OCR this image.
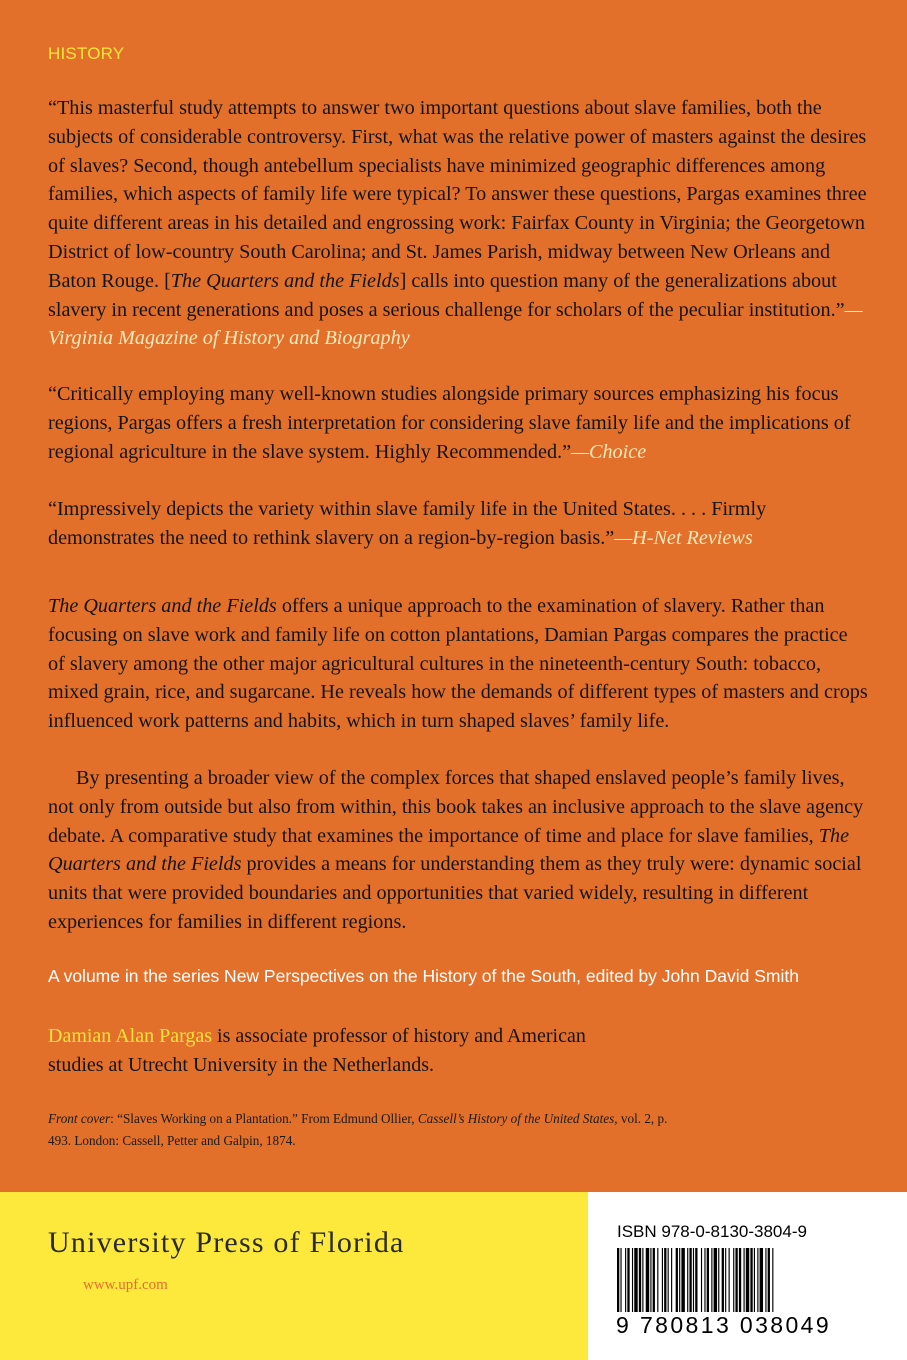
HISTORY

“This masterful study attempts to answer two important questions about slave families, both the subjects of considerable controversy. First, what was the relative power of masters against the desires of slaves? Second, though antebellum specialists have minimized geographic differences among families, which aspects of family life were typical? To answer these questions, Pargas examines three quite different areas in his detailed and engrossing work: Fairfax County in Virginia; the Georgetown District of low-country South Carolina; and St. James Parish, midway between New Orleans and Baton Rouge. [The Quarters and the Fields] calls into question many of the generalizations about slavery in recent generations and poses a serious challenge for scholars of the peculiar institution.”—Virginia Magazine of History and Biography

“Critically employing many well-known studies alongside primary sources emphasizing his focus regions, Pargas offers a fresh interpretation for considering slave family life and the implications of regional agriculture in the slave system. Highly Recommended.”—Choice

“Impressively depicts the variety within slave family life in the United States. . . . Firmly demonstrates the need to rethink slavery on a region-by-region basis.”—H-Net Reviews

The Quarters and the Fields offers a unique approach to the examination of slavery. Rather than focusing on slave work and family life on cotton plantations, Damian Pargas compares the practice of slavery among the other major agricultural cultures in the nineteenth-century South: tobacco, mixed grain, rice, and sugarcane. He reveals how the demands of different types of masters and crops influenced work patterns and habits, which in turn shaped slaves’ family life.

By presenting a broader view of the complex forces that shaped enslaved people’s family lives, not only from outside but also from within, this book takes an inclusive approach to the slave agency debate. A comparative study that examines the importance of time and place for slave families, The Quarters and the Fields provides a means for understanding them as they truly were: dynamic social units that were provided boundaries and opportunities that varied widely, resulting in different experiences for families in different regions.

A volume in the series New Perspectives on the History of the South, edited by John David Smith

Damian Alan Pargas is associate professor of history and American studies at Utrecht University in the Netherlands.

Front cover: “Slaves Working on a Plantation.” From Edmund Ollier, Cassell’s History of the United States, vol. 2, p. 493. London: Cassell, Petter and Galpin, 1874.

University Press of Florida
www.upf.com
ISBN 978-0-8130-3804-9
9 780813 038049
